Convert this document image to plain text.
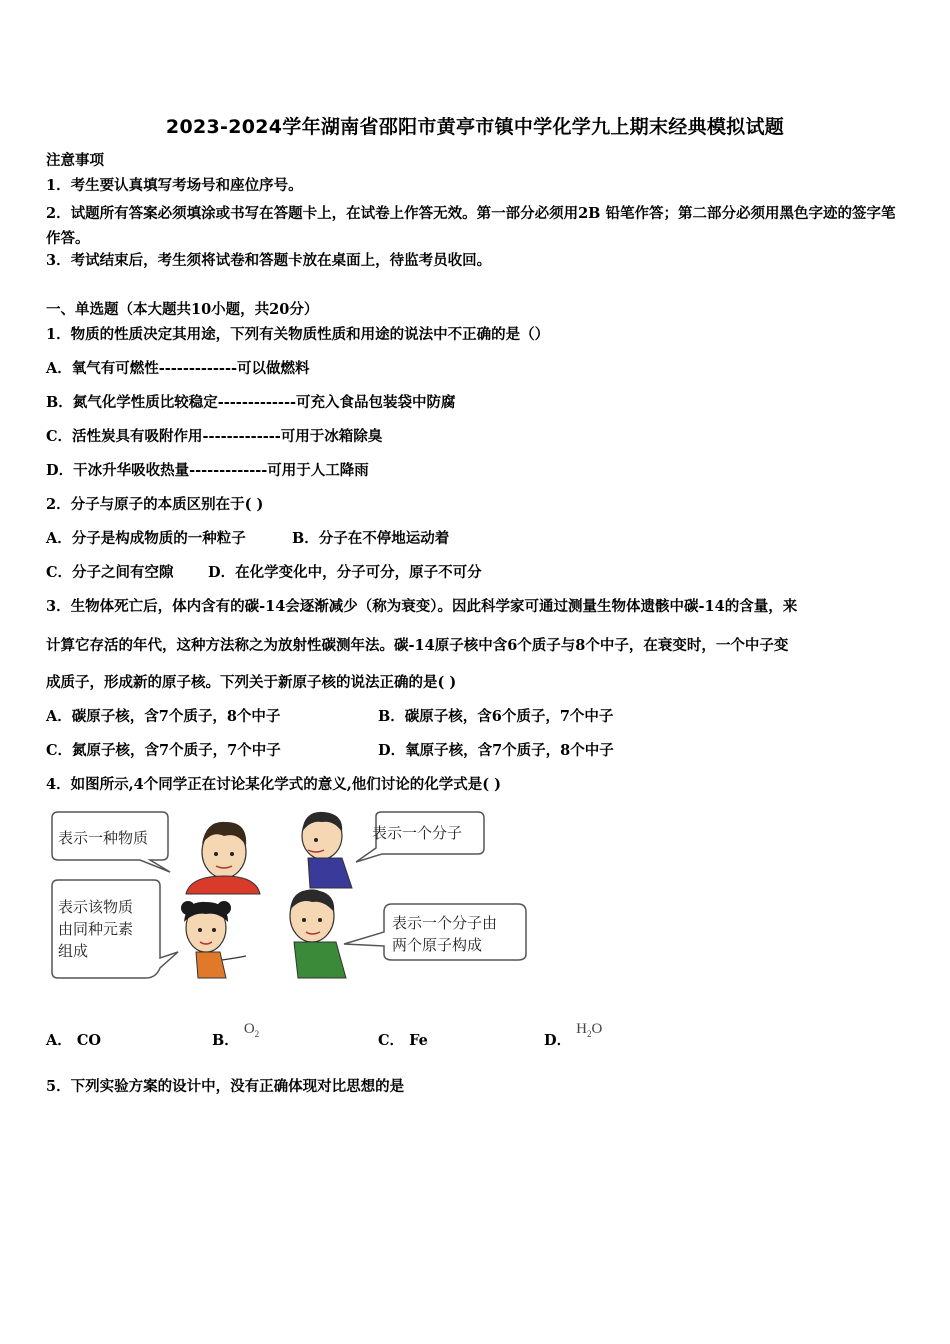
2023-2024学年湖南省邵阳市黄亭市镇中学化学九上期末经典模拟试题
注意事项
1．考生要认真填写考场号和座位序号。
2．试题所有答案必须填涂或书写在答题卡上，在试卷上作答无效。第一部分必须用2B 铅笔作答；第二部分必须用黑色字迹的签字笔作答。
3．考试结束后，考生须将试卷和答题卡放在桌面上，待监考员收回。
一、单选题（本大题共10小题，共20分）
1．物质的性质决定其用途，下列有关物质性质和用途的说法中不正确的是（）
A．氧气有可燃性-------------可以做燃料
B．氮气化学性质比较稳定-------------可充入食品包装袋中防腐
C．活性炭具有吸附作用-------------可用于冰箱除臭
D．干冰升华吸收热量-------------可用于人工降雨
2．分子与原子的本质区别在于( )
A．分子是构成物质的一种粒子	B．分子在不停地运动着
C．分子之间有空隙 D．在化学变化中，分子可分，原子不可分
3．生物体死亡后，体内含有的碳-14会逐渐减少（称为衰变）。因此科学家可通过测量生物体遗骸中碳-14的含量，来
计算它存活的年代，这种方法称之为放射性碳测年法。碳-14原子核中含6个质子与8个中子，在衰变时，一个中子变
成质子，形成新的原子核。下列关于新原子核的说法正确的是( )
A．碳原子核，含7个质子，8个中子	B．碳原子核，含6个质子，7个中子
C．氮原子核，含7个质子，7个中子	D．氧原子核，含7个质子，8个中子
4．如图所示,4个同学正在讨论某化学式的意义,他们讨论的化学式是( )
表示一种物质	表示一个分子
表示该物质
由同种元素
组成
表示一个分子由
两个原子构成
A． CO	B． $O_2$	C． Fe	D． $H_2O$
5．下列实验方案的设计中，没有正确体现对比思想的是
